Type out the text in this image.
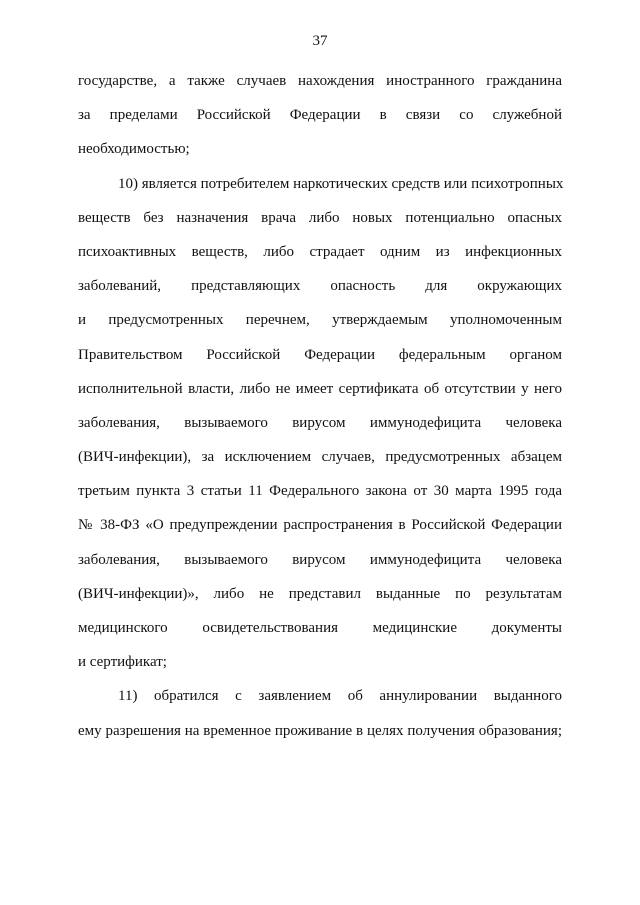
37
государстве, а также случаев нахождения иностранного гражданина
за пределами Российской Федерации в связи со служебной
необходимостью;
10) является потребителем наркотических средств или психотропных
веществ без назначения врача либо новых потенциально опасных
психоактивных веществ, либо страдает одним из инфекционных
заболеваний, представляющих опасность для окружающих
и предусмотренных перечнем, утверждаемым уполномоченным
Правительством Российской Федерации федеральным органом
исполнительной власти, либо не имеет сертификата об отсутствии у него
заболевания, вызываемого вирусом иммунодефицита человека
(ВИЧ-инфекции), за исключением случаев, предусмотренных абзацем
третьим пункта 3 статьи 11 Федерального закона от 30 марта 1995 года
№ 38-ФЗ «О предупреждении распространения в Российской Федерации
заболевания, вызываемого вирусом иммунодефицита человека
(ВИЧ-инфекции)», либо не представил выданные по результатам
медицинского освидетельствования медицинские документы
и сертификат;
11) обратился с заявлением об аннулировании выданного
ему разрешения на временное проживание в целях получения образования;
